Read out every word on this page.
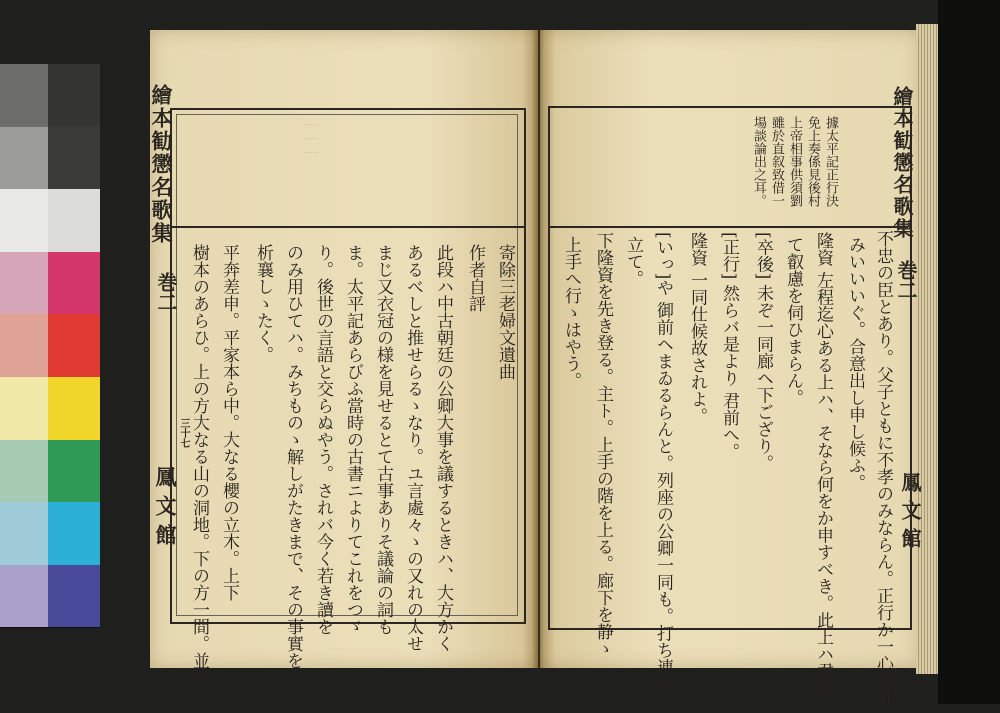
｜｜｜
繪本勧懲名歌集
巻二
三十七
鳳文館
繪本勧懲名歌集
巻二
鳳文館
寄除三老婦文遺曲
作者自評
此段ハ中古朝廷の公卿大事を議するときハ、大方かく
あるべしと推せらるゝなり。ユ言處々ゝの又れの太せ
まじ又衣冠の様を見せるとて古事ありそ議論の詞も
ま。太平記あらびふ當時の古書ニよりてこれをつゞ
り。後世の言語と交らぬやう。されバ今く若き讀を
のみ用ひてハ。みちものゝ解しがたきまで、その事實を
析襄しゝたく。
平奔差申。平家本ら中。大なる櫻の立木。上下
樹本のあらひ。上の方大なる山の洞地。下の方一間。並び
據太平記正行決
免上奏係見後村
上帝相事供須劉
雖於直叙致借一
場談論出之耳。
不忠の臣とあり。父子ともに不孝のみならん。正行か一心ほ外
みいいいぐ。合意出し申し候ふ。
隆資 左程迄心ある上ハ、そなら何をか申すべき。此上ハ君前へ
て叡慮を伺ひまらん。
[卒後] 未ぞ一同廊ヘ下ござり。
[正行] 然らバ是より 君前へ。
隆資 一同仕候故されよ。
[いっ]や 御前ヘまゐるらんと。列座の公卿一同も。打ち連れ
立て。
下隆資を先き登る。主ト。上手の階を上る。廊下を静ゝ
上手へ行ゝはやう。
